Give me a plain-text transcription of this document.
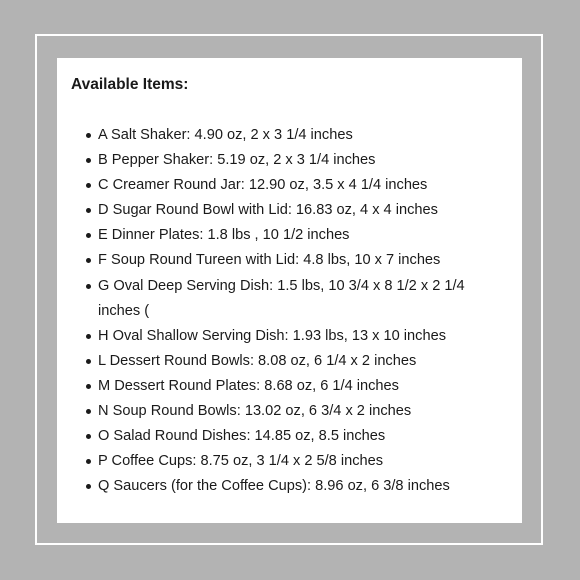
Available Items:

A Salt Shaker: 4.90 oz, 2 x 3 1/4 inches
B Pepper Shaker: 5.19 oz, 2 x 3 1/4 inches
C Creamer Round Jar: 12.90 oz, 3.5 x 4 1/4 inches
D Sugar Round Bowl with Lid: 16.83 oz, 4 x 4 inches
E Dinner Plates: 1.8 lbs , 10 1/2 inches
F Soup Round Tureen with Lid: 4.8 lbs, 10 x 7 inches
G Oval Deep Serving Dish: 1.5 lbs, 10 3/4 x 8 1/2 x 2 1/4 inches (
H Oval Shallow Serving Dish: 1.93 lbs, 13 x 10 inches
L Dessert Round Bowls: 8.08 oz, 6 1/4 x 2 inches
M Dessert Round Plates: 8.68 oz, 6 1/4 inches
N Soup Round Bowls: 13.02 oz, 6 3/4 x 2 inches
O Salad Round Dishes: 14.85 oz, 8.5 inches
P Coffee Cups: 8.75 oz, 3 1/4 x 2 5/8 inches
Q Saucers (for the Coffee Cups): 8.96 oz, 6 3/8 inches
